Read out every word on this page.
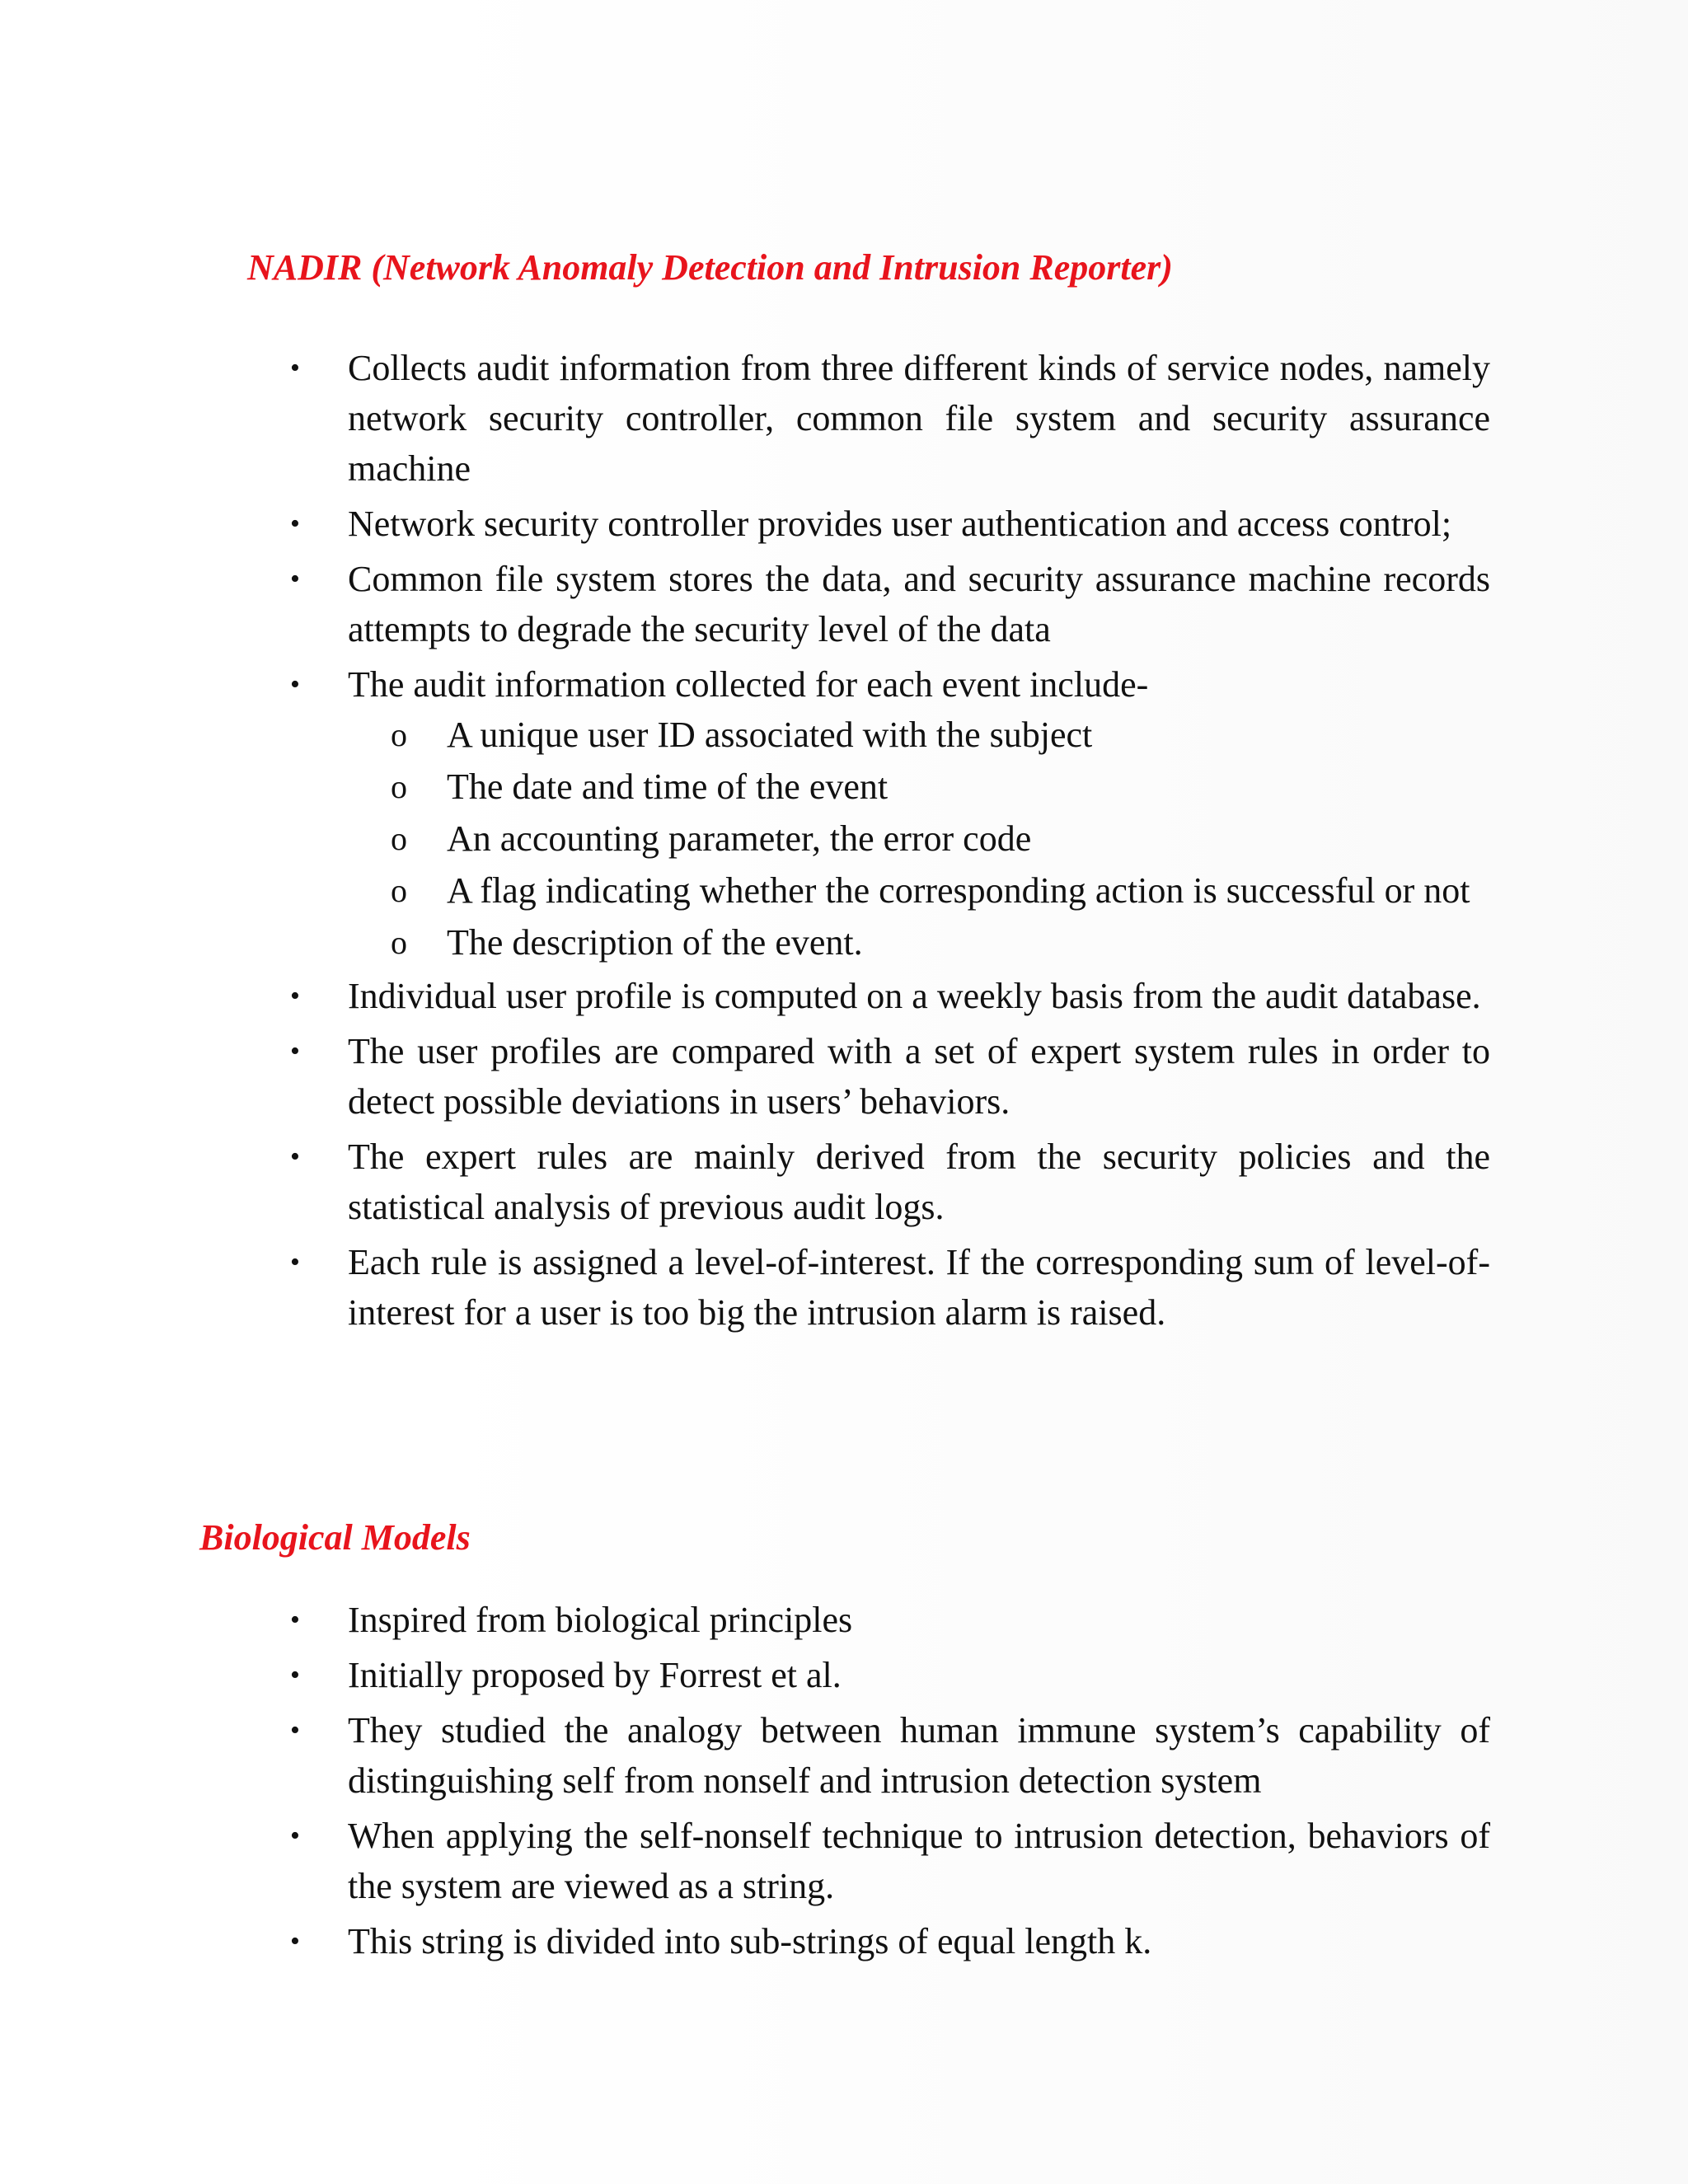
NADIR (Network Anomaly Detection and Intrusion Reporter)
•	Collects audit information from three different kinds of service nodes, namely network security controller, common file system and security assurance machine
•	Network security controller provides user authentication and access control;
•	Common file system stores the data, and security assurance machine records attempts to degrade the security level of the data
•	The audit information collected for each event include-
o	A unique user ID associated with the subject
o	The date and time of the event
o	An accounting parameter, the error code
o	A flag indicating whether the corresponding action is successful or not
o	The description of the event.
•	Individual user profile is computed on a weekly basis from the audit database.
•	The user profiles are compared with a set of expert system rules in order to detect possible deviations in users’ behaviors.
•	The expert rules are mainly derived from the security policies and the statistical analysis of previous audit logs.
•	Each rule is assigned a level-of-interest. If the corresponding sum of level-of-interest for a user is too big the intrusion alarm is raised.
Biological Models
•	Inspired from biological principles
•	Initially proposed by Forrest et al.
•	They studied the analogy between human immune system’s capability of distinguishing self from nonself and intrusion detection system
•	When applying the self-nonself technique to intrusion detection, behaviors of the system are viewed as a string.
•	This string is divided into sub-strings of equal length k.
